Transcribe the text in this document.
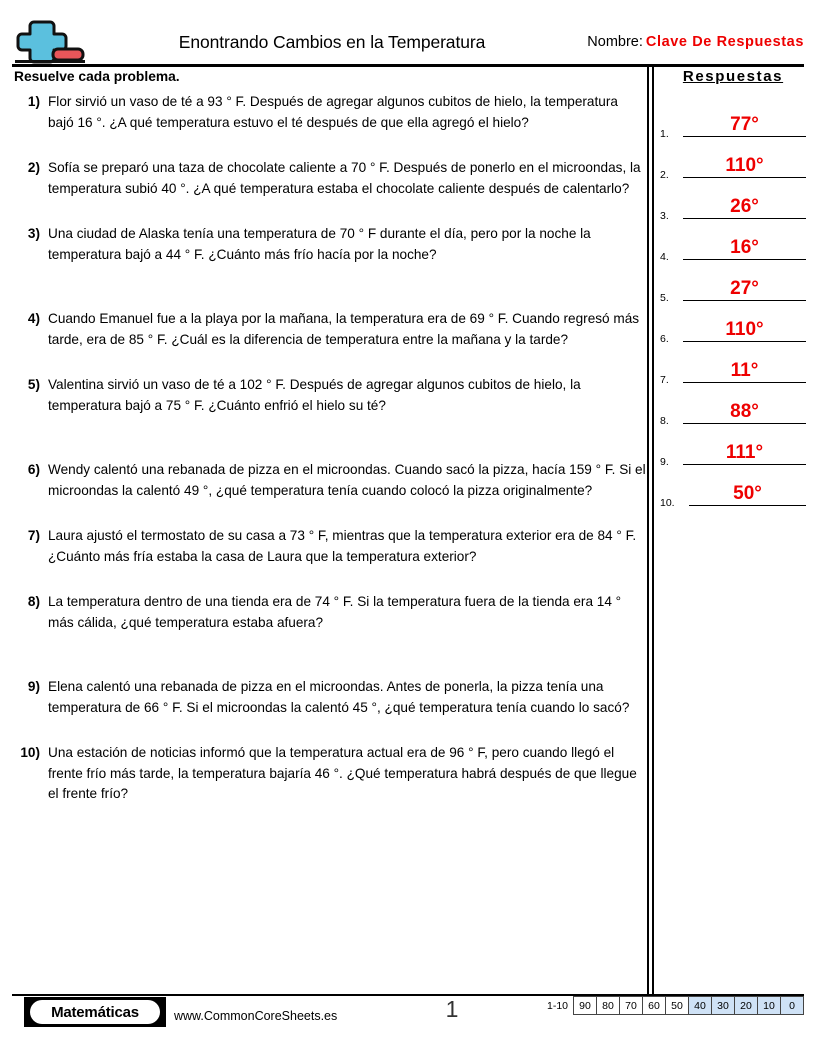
Enontrando Cambios en la Temperatura	Nombre: Clave De Respuestas
Resuelve cada problema.
1) Flor sirvió un vaso de té a 93 ° F. Después de agregar algunos cubitos de hielo, la temperatura bajó 16 °. ¿A qué temperatura estuvo el té después de que ella agregó el hielo?
2) Sofía se preparó una taza de chocolate caliente a 70 ° F. Después de ponerlo en el microondas, la temperatura subió 40 °. ¿A qué temperatura estaba el chocolate caliente después de calentarlo?
3) Una ciudad de Alaska tenía una temperatura de 70 ° F durante el día, pero por la noche la temperatura bajó a 44 ° F. ¿Cuánto más frío hacía por la noche?
4) Cuando Emanuel fue a la playa por la mañana, la temperatura era de 69 ° F. Cuando regresó más tarde, era de 85 ° F. ¿Cuál es la diferencia de temperatura entre la mañana y la tarde?
5) Valentina sirvió un vaso de té a 102 ° F. Después de agregar algunos cubitos de hielo, la temperatura bajó a 75 ° F. ¿Cuánto enfrió el hielo su té?
6) Wendy calentó una rebanada de pizza en el microondas. Cuando sacó la pizza, hacía 159 ° F. Si el microondas la calentó 49 °, ¿qué temperatura tenía cuando colocó la pizza originalmente?
7) Laura ajustó el termostato de su casa a 73 ° F, mientras que la temperatura exterior era de 84 ° F. ¿Cuánto más fría estaba la casa de Laura que la temperatura exterior?
8) La temperatura dentro de una tienda era de 74 ° F. Si la temperatura fuera de la tienda era 14 ° más cálida, ¿qué temperatura estaba afuera?
9) Elena calentó una rebanada de pizza en el microondas. Antes de ponerla, la pizza tenía una temperatura de 66 ° F. Si el microondas la calentó 45 °, ¿qué temperatura tenía cuando lo sacó?
10) Una estación de noticias informó que la temperatura actual era de 96 ° F, pero cuando llegó el frente frío más tarde, la temperatura bajaría 46 °. ¿Qué temperatura habrá después de que llegue el frente frío?
Respuestas
1.	77°
2.	110°
3.	26°
4.	16°
5.	27°
6.	110°
7.	11°
8.	88°
9.	111°
10.	50°
Matemáticas	www.CommonCoreSheets.es	1	1-10	90	80	70	60	50	40	30	20	10	0
